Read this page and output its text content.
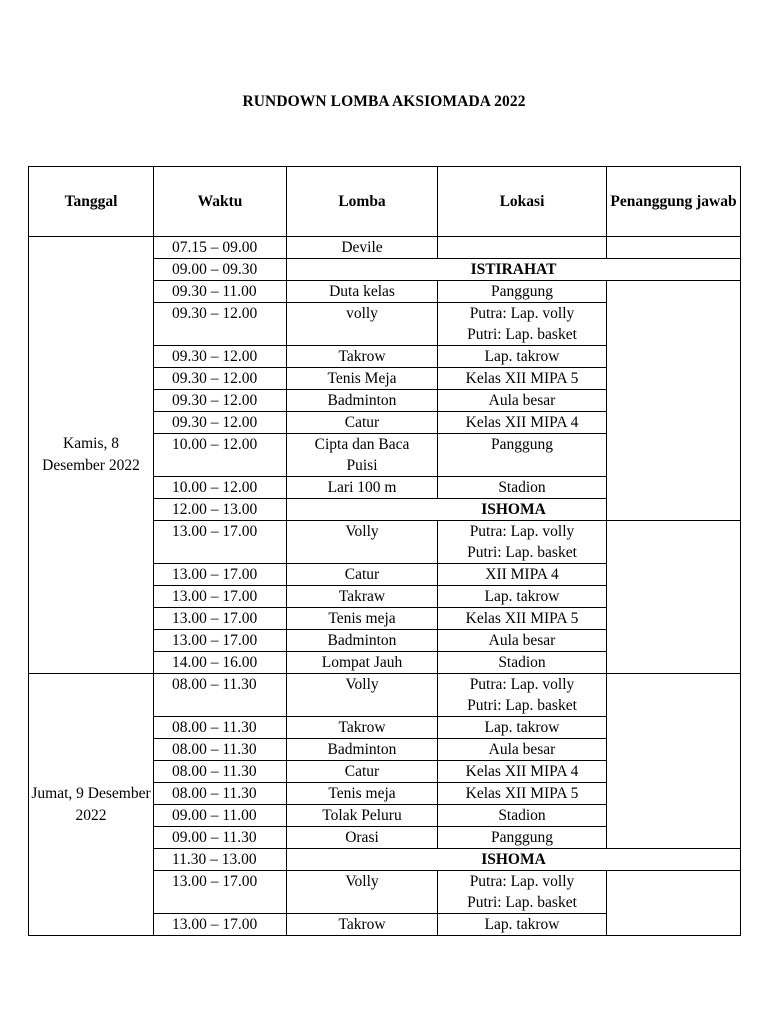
RUNDOWN LOMBA AKSIOMADA 2022
Tanggal	Waktu	Lomba	Lokasi	Penanggung jawab
Kamis, 8 Desember 2022	07.15 – 09.00	Devile		
	09.00 – 09.30	ISTIRAHAT		
	09.30 – 11.00	Duta kelas	Panggung	
	09.30 – 12.00	volly	Putra: Lap. volly
Putri: Lap. basket	

	09.30 – 12.00	Takrow	Lap. takrow	
	09.30 – 12.00	Tenis Meja	Kelas XII MIPA 5	
	09.30 – 12.00	Badminton	Aula besar	
	09.30 – 12.00	Catur	Kelas XII MIPA 4	
	10.00 – 12.00	Cipta dan Baca
Puisi	Panggung	
	10.00 – 12.00	Lari 100 m	Stadion	
	12.00 – 13.00	ISHOMA		
	13.00 – 17.00	Volly	Putra: Lap. volly
Putri: Lap. basket	

	13.00 – 17.00	Catur	XII MIPA 4	
	13.00 – 17.00	Takraw	Lap. takrow	
	13.00 – 17.00	Tenis meja	Kelas XII MIPA 5	
	13.00 – 17.00	Badminton	Aula besar	
	14.00 – 16.00	Lompat Jauh	Stadion	
Jumat, 9 Desember 2022	08.00 – 11.30	Volly	Putra: Lap. volly
Putri: Lap. basket	

	08.00 – 11.30	Takrow	Lap. takrow	
	08.00 – 11.30	Badminton	Aula besar	
	08.00 – 11.30	Catur	Kelas XII MIPA 4	
	08.00 – 11.30	Tenis meja	Kelas XII MIPA 5	
	09.00 – 11.00	Tolak Peluru	Stadion	
	09.00 – 11.30	Orasi	Panggung	
	11.30 – 13.00	ISHOMA		
	13.00 – 17.00	Volly	Putra: Lap. volly
Putri: Lap. basket	

	13.00 – 17.00	Takrow	Lap. takrow	
